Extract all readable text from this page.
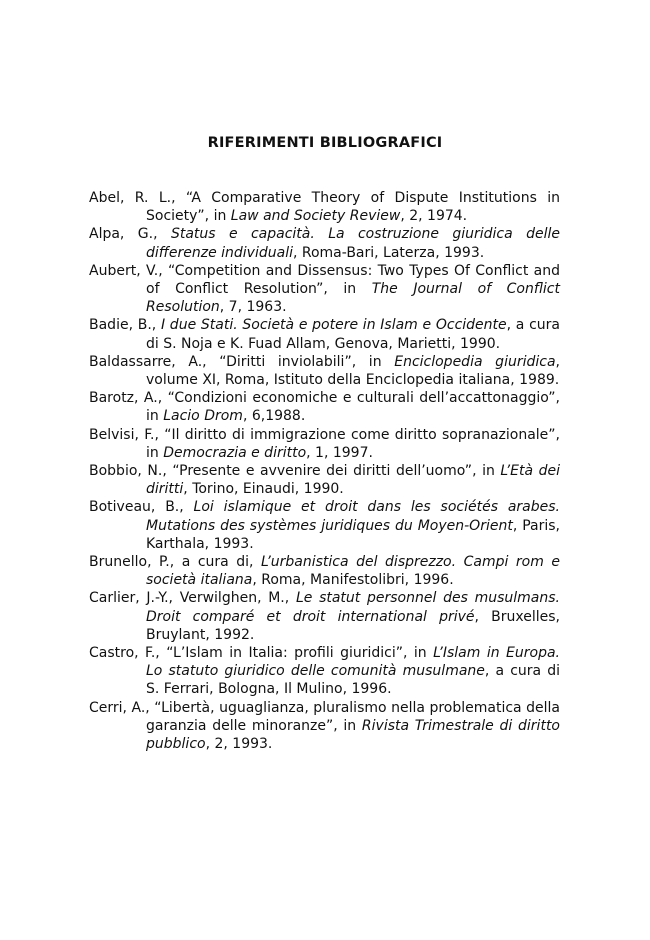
RIFERIMENTI BIBLIOGRAFICI
Abel, R. L., “A Comparative Theory of Dispute Institutions in Society”, in Law and Society Review, 2, 1974.
Alpa, G., Status e capacità. La costruzione giuridica delle differenze individuali, Roma-Bari, Laterza, 1993.
Aubert, V., “Competition and Dissensus: Two Types Of Conflict and of Conflict Resolution”, in The Journal of Conflict Resolution, 7, 1963.
Badie, B., I due Stati. Società e potere in Islam e Occidente, a cura di S. Noja e K. Fuad Allam, Genova, Marietti, 1990.
Baldassarre, A., “Diritti inviolabili”, in Enciclopedia giuridica, volume XI, Roma, Istituto della Enciclopedia italiana, 1989.
Barotz, A., “Condizioni economiche e culturali dell’accattonaggio”, in Lacio Drom, 6,1988.
Belvisi, F., “Il diritto di immigrazione come diritto sopranazionale”, in Democrazia e diritto, 1, 1997.
Bobbio, N., “Presente e avvenire dei diritti dell’uomo”, in L’Età dei diritti, Torino, Einaudi, 1990.
Botiveau, B., Loi islamique et droit dans les sociétés arabes. Mutations des systèmes juridiques du Moyen-Orient, Paris, Karthala, 1993.
Brunello, P., a cura di, L’urbanistica del disprezzo. Campi rom e società italiana, Roma, Manifestolibri, 1996.
Carlier, J.-Y., Verwilghen, M., Le statut personnel des musulmans. Droit comparé et droit international privé, Bruxelles, Bruylant, 1992.
Castro, F., “L’Islam in Italia: profili giuridici”, in L’Islam in Europa. Lo statuto giuridico delle comunità musulmane, a cura di S. Ferrari, Bologna, Il Mulino, 1996.
Cerri, A., “Libertà, uguaglianza, pluralismo nella problematica della garanzia delle minoranze”, in Rivista Trimestrale di diritto pubblico, 2, 1993.
